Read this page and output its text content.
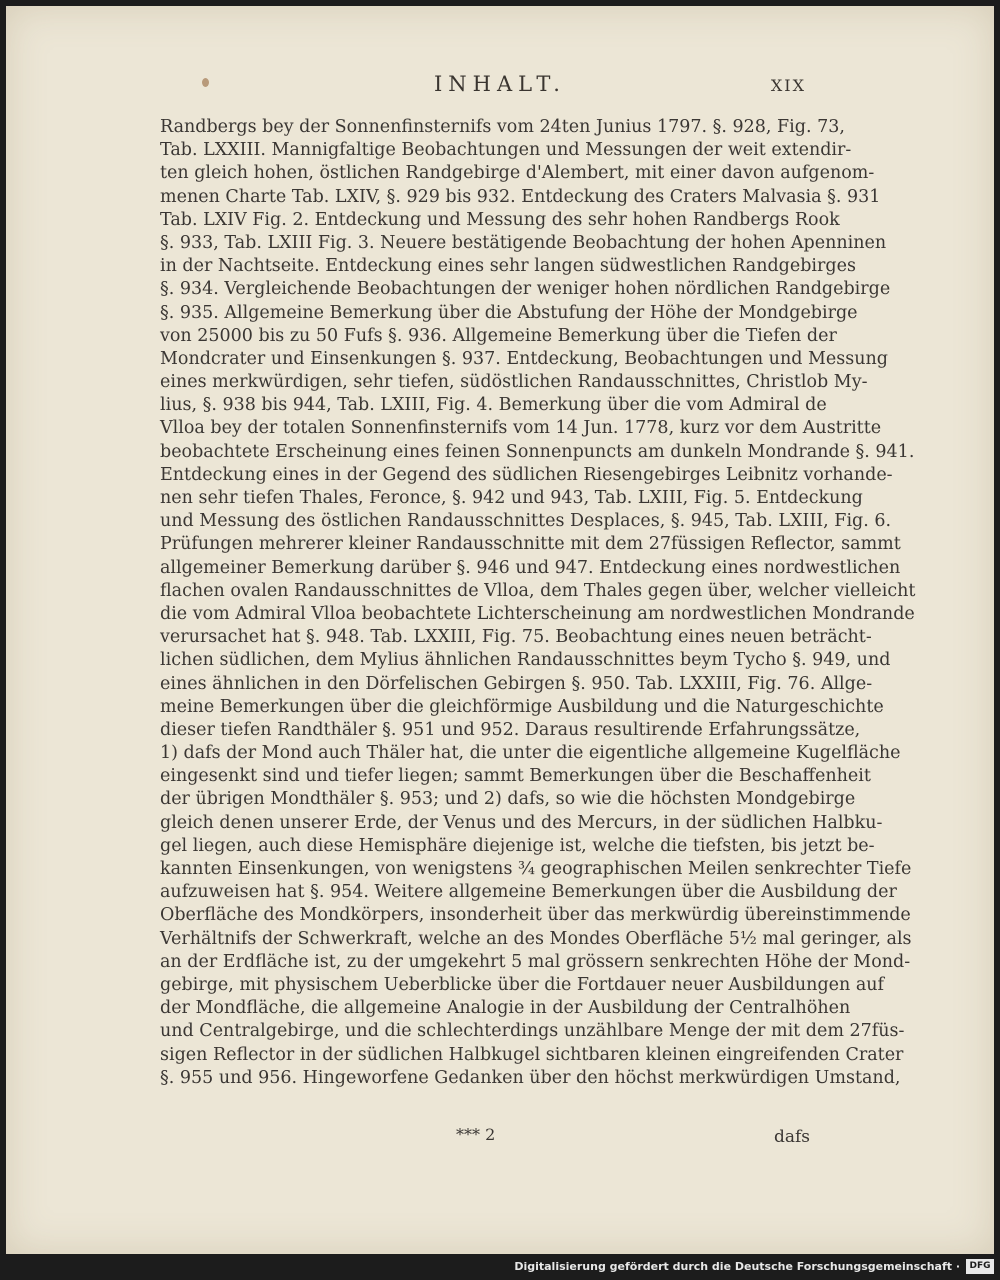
INHALT.	XIX
Randbergs bey der Sonnenfinsternifs vom 24ten Junius 1797. §. 928, Fig. 73,
Tab. LXXIII. Mannigfaltige Beobachtungen und Messungen der weit extendir-
ten gleich hohen, östlichen Randgebirge d'Alembert, mit einer davon aufgenom-
menen Charte Tab. LXIV, §. 929 bis 932. Entdeckung des Craters Malvasia §. 931
Tab. LXIV Fig. 2. Entdeckung und Messung des sehr hohen Randbergs Rook
§. 933, Tab. LXIII Fig. 3. Neuere bestätigende Beobachtung der hohen Apenninen
in der Nachtseite. Entdeckung eines sehr langen südwestlichen Randgebirges
§. 934. Vergleichende Beobachtungen der weniger hohen nördlichen Randgebirge
§. 935. Allgemeine Bemerkung über die Abstufung der Höhe der Mondgebirge
von 25000 bis zu 50 Fufs §. 936. Allgemeine Bemerkung über die Tiefen der
Mondcrater und Einsenkungen §. 937. Entdeckung, Beobachtungen und Messung
eines merkwürdigen, sehr tiefen, südöstlichen Randausschnittes, Christlob My-
lius, §. 938 bis 944, Tab. LXIII, Fig. 4. Bemerkung über die vom Admiral de
Vlloa bey der totalen Sonnenfinsternifs vom 14 Jun. 1778, kurz vor dem Austritte
beobachtete Erscheinung eines feinen Sonnenpuncts am dunkeln Mondrande §. 941.
Entdeckung eines in der Gegend des südlichen Riesengebirges Leibnitz vorhande-
nen sehr tiefen Thales, Feronce, §. 942 und 943, Tab. LXIII, Fig. 5. Entdeckung
und Messung des östlichen Randausschnittes Desplaces, §. 945, Tab. LXIII, Fig. 6.
Prüfungen mehrerer kleiner Randausschnitte mit dem 27füssigen Reflector, sammt
allgemeiner Bemerkung darüber §. 946 und 947. Entdeckung eines nordwestlichen
flachen ovalen Randausschnittes de Vlloa, dem Thales gegen über, welcher vielleicht
die vom Admiral Vlloa beobachtete Lichterscheinung am nordwestlichen Mondrande
verursachet hat §. 948. Tab. LXXIII, Fig. 75. Beobachtung eines neuen beträcht-
lichen südlichen, dem Mylius ähnlichen Randausschnittes beym Tycho §. 949, und
eines ähnlichen in den Dörfelischen Gebirgen §. 950. Tab. LXXIII, Fig. 76. Allge-
meine Bemerkungen über die gleichförmige Ausbildung und die Naturgeschichte
dieser tiefen Randthäler §. 951 und 952. Daraus resultirende Erfahrungssätze,
1) dafs der Mond auch Thäler hat, die unter die eigentliche allgemeine Kugelfläche
eingesenkt sind und tiefer liegen; sammt Bemerkungen über die Beschaffenheit
der übrigen Mondthäler §. 953; und 2) dafs, so wie die höchsten Mondgebirge
gleich denen unserer Erde, der Venus und des Mercurs, in der südlichen Halbku-
gel liegen, auch diese Hemisphäre diejenige ist, welche die tiefsten, bis jetzt be-
kannten Einsenkungen, von wenigstens ¾ geographischen Meilen senkrechter Tiefe
aufzuweisen hat §. 954. Weitere allgemeine Bemerkungen über die Ausbildung der
Oberfläche des Mondkörpers, insonderheit über das merkwürdig übereinstimmende
Verhältnifs der Schwerkraft, welche an des Mondes Oberfläche 5½ mal geringer, als
an der Erdfläche ist, zu der umgekehrt 5 mal grössern senkrechten Höhe der Mond-
gebirge, mit physischem Ueberblicke über die Fortdauer neuer Ausbildungen auf
der Mondfläche, die allgemeine Analogie in der Ausbildung der Centralhöhen
und Centralgebirge, und die schlechterdings unzählbare Menge der mit dem 27füs-
sigen Reflector in der südlichen Halbkugel sichtbaren kleinen eingreifenden Crater
§. 955 und 956. Hingeworfene Gedanken über den höchst merkwürdigen Umstand,
*** 2	dafs
Digitalisierung gefördert durch die Deutsche Forschungsgemeinschaft ·	DFG
